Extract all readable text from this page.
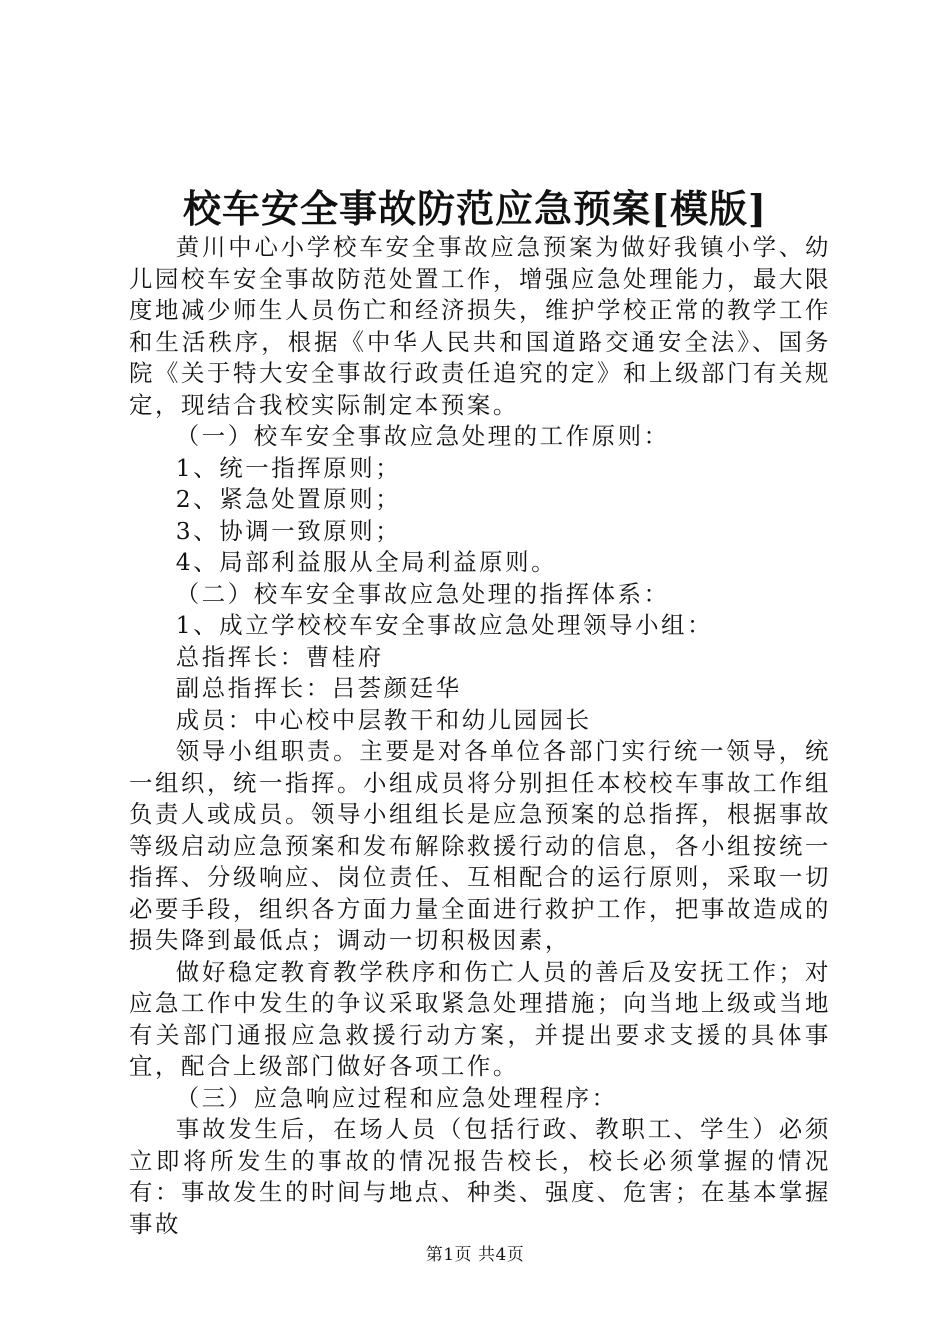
校车安全事故防范应急预案[模版]

黄川中心小学校车安全事故应急预案为做好我镇小学、幼儿园校车安全事故防范处置工作，增强应急处理能力，最大限度地减少师生人员伤亡和经济损失，维护学校正常的教学工作和生活秩序，根据《中华人民共和国道路交通安全法》、国务院《关于特大安全事故行政责任追究的定》和上级部门有关规定，现结合我校实际制定本预案。

（一）校车安全事故应急处理的工作原则：

1、统一指挥原则；

2、紧急处置原则；

3、协调一致原则；

4、局部利益服从全局利益原则。

（二）校车安全事故应急处理的指挥体系：

1、成立学校校车安全事故应急处理领导小组：

总指挥长：曹桂府

副总指挥长：吕荟颜廷华

成员：中心校中层教干和幼儿园园长

领导小组职责。主要是对各单位各部门实行统一领导，统一组织，统一指挥。小组成员将分别担任本校校车事故工作组负责人或成员。领导小组组长是应急预案的总指挥，根据事故等级启动应急预案和发布解除救援行动的信息，各小组按统一指挥、分级响应、岗位责任、互相配合的运行原则，采取一切必要手段，组织各方面力量全面进行救护工作，把事故造成的损失降到最低点；调动一切积极因素，

做好稳定教育教学秩序和伤亡人员的善后及安抚工作；对应急工作中发生的争议采取紧急处理措施；向当地上级或当地有关部门通报应急救援行动方案，并提出要求支援的具体事宜，配合上级部门做好各项工作。

（三）应急响应过程和应急处理程序：

事故发生后，在场人员（包括行政、教职工、学生）必须立即将所发生的事故的情况报告校长，校长必须掌握的情况有：事故发生的时间与地点、种类、强度、危害；在基本掌握事故

第1页 共4页
